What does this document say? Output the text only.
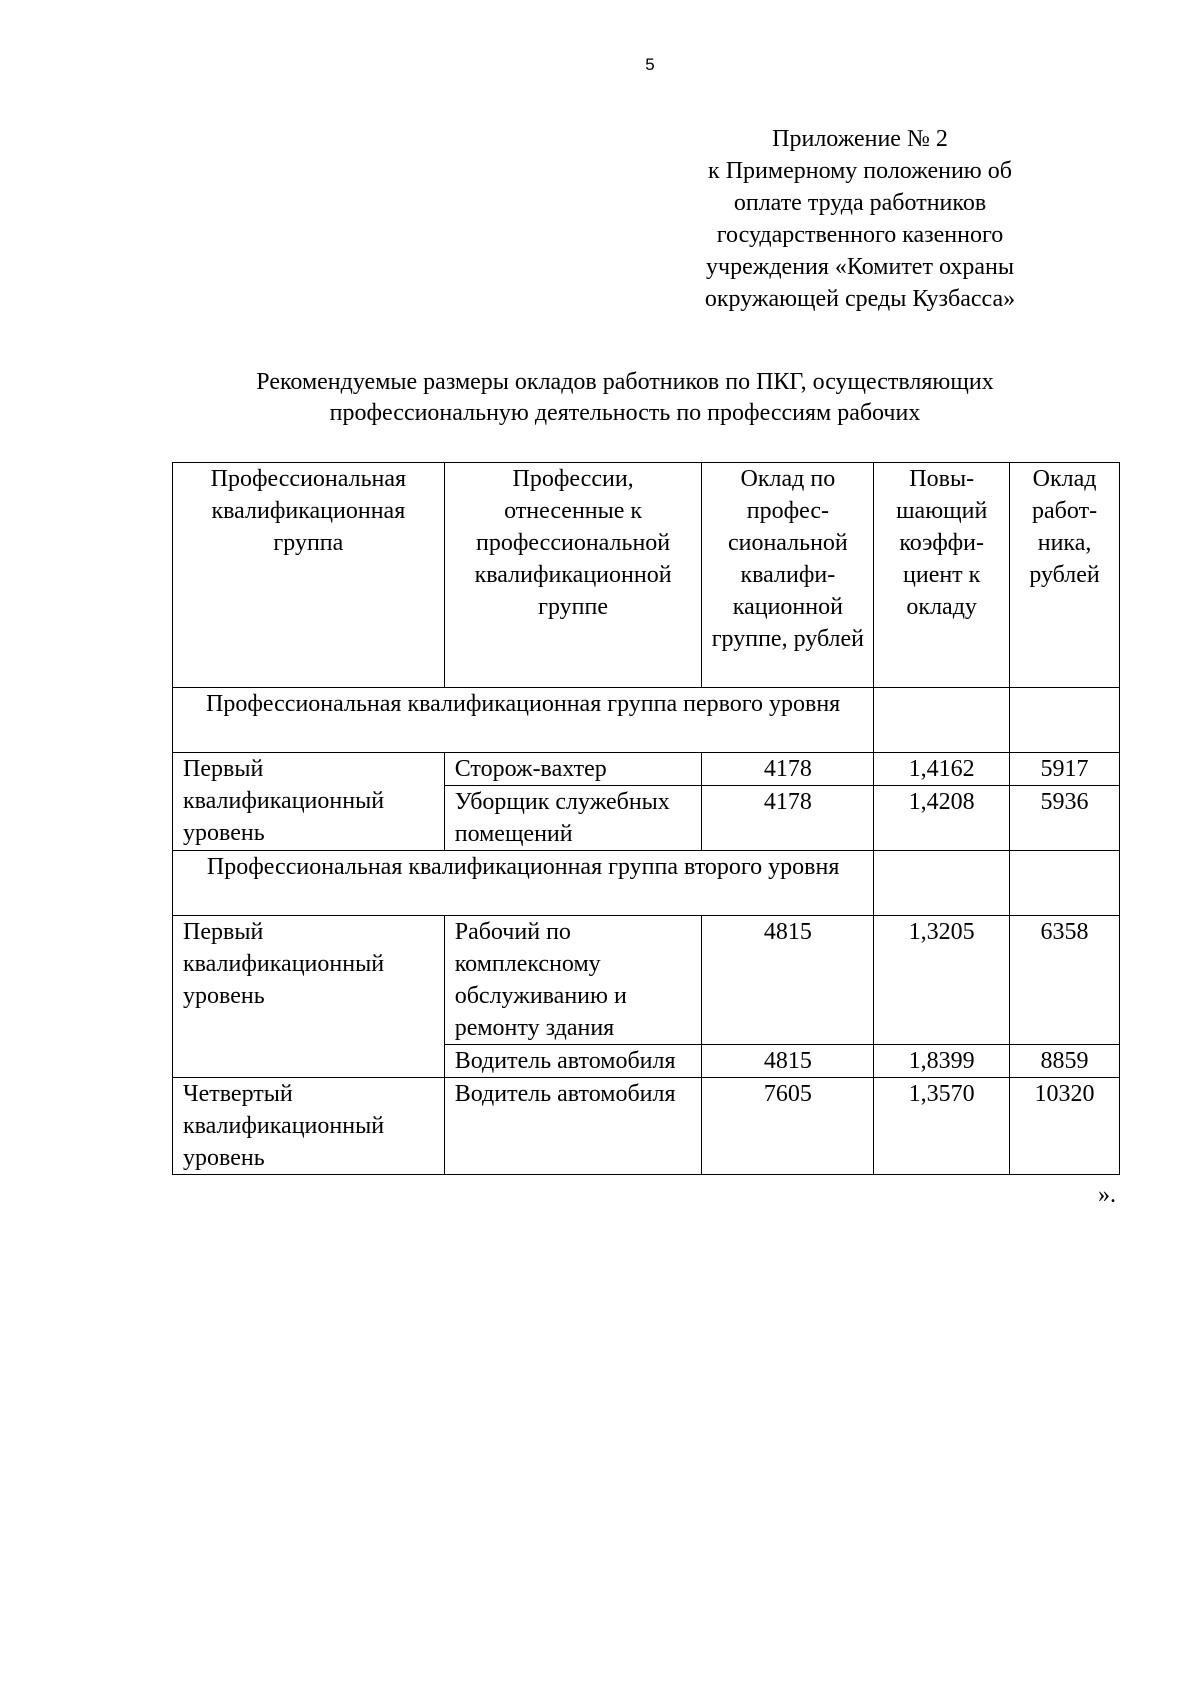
5
Приложение № 2
к Примерному положению об
оплате труда работников
государственного казенного
учреждения «Комитет охраны
окружающей среды Кузбасса»
Рекомендуемые размеры окладов работников по ПКГ, осуществляющих
профессиональную деятельность по профессиям рабочих
Профессиональная квалификационная группа	Профессии, отнесенные к профессиональной квалификационной группе	Оклад по профес-сиональной квалифи-кационной группе, рублей	Повы-шающий коэффи-циент к окладу	Оклад работ-ника, рублей
Профессиональная квалификационная группа первого уровня				
Первый квалификационный уровень	Сторож-вахтер	4178	1,4162	5917
	Уборщик служебных помещений	4178	1,4208	5936
Профессиональная квалификационная группа второго уровня				
Первый квалификационный уровень	Рабочий по комплексному обслуживанию и ремонту здания	4815	1,3205	6358
	Водитель автомобиля	4815	1,8399	8859
Четвертый квалификационный уровень	Водитель автомобиля	7605	1,3570	10320
».
